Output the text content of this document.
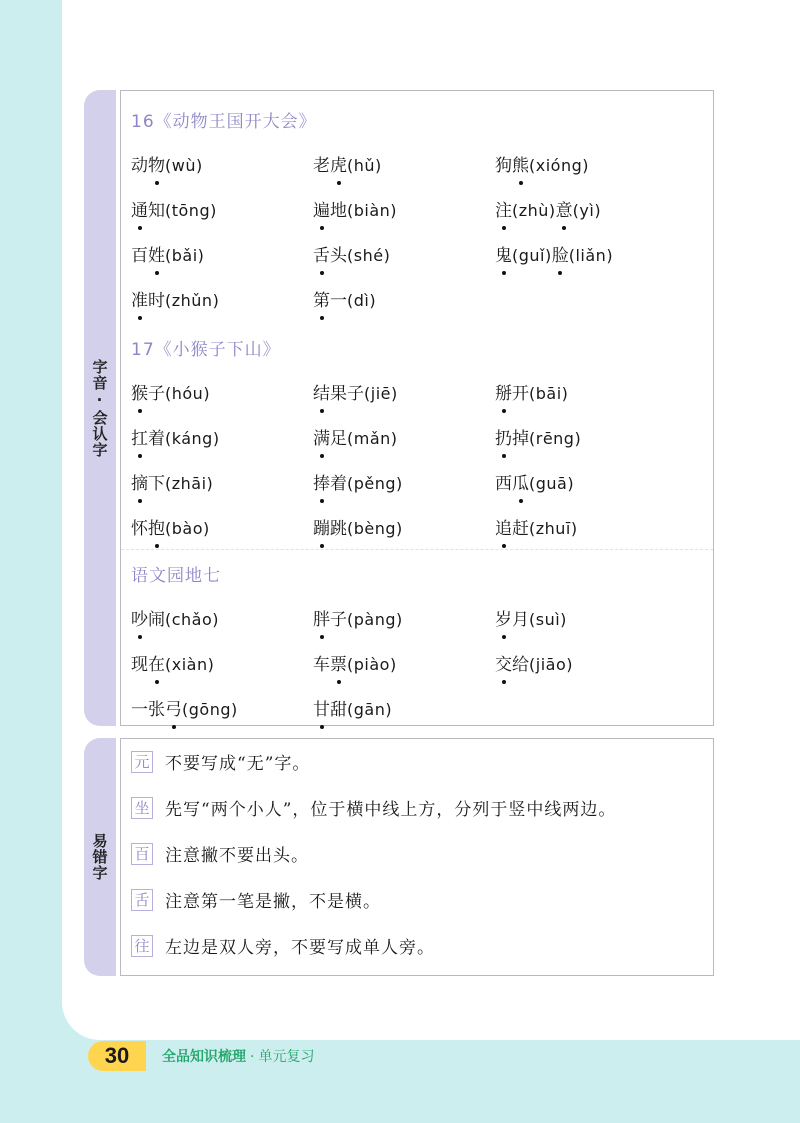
字音·会认字
16《动物王国开大会》
动物(wù)	老虎(hǔ)	狗熊(xióng)
通知(tōng)	遍地(biàn)	注(zhù)意(yì)
百姓(bǎi)	舌头(shé)	鬼(guǐ)脸(liǎn)
准时(zhǔn)	第一(dì)
17《小猴子下山》
猴子(hóu)	结果子(jiē)	掰开(bāi)
扛着(káng)	满足(mǎn)	扔掉(rēng)
摘下(zhāi)	捧着(pěng)	西瓜(guā)
怀抱(bào)	蹦跳(bèng)	追赶(zhuī)
语文园地七
吵闹(chǎo)	胖子(pàng)	岁月(suì)
现在(xiàn)	车票(piào)	交给(jiāo)
一张弓(gōng)	甘甜(gān)
易错字
元 不要写成“无”字。
坐 先写“两个小人”，位于横中线上方，分列于竖中线两边。
百 注意撇不要出头。
舌 注意第一笔是撇，不是横。
往 左边是双人旁，不要写成单人旁。
30	全品知识梳理 · 单元复习
